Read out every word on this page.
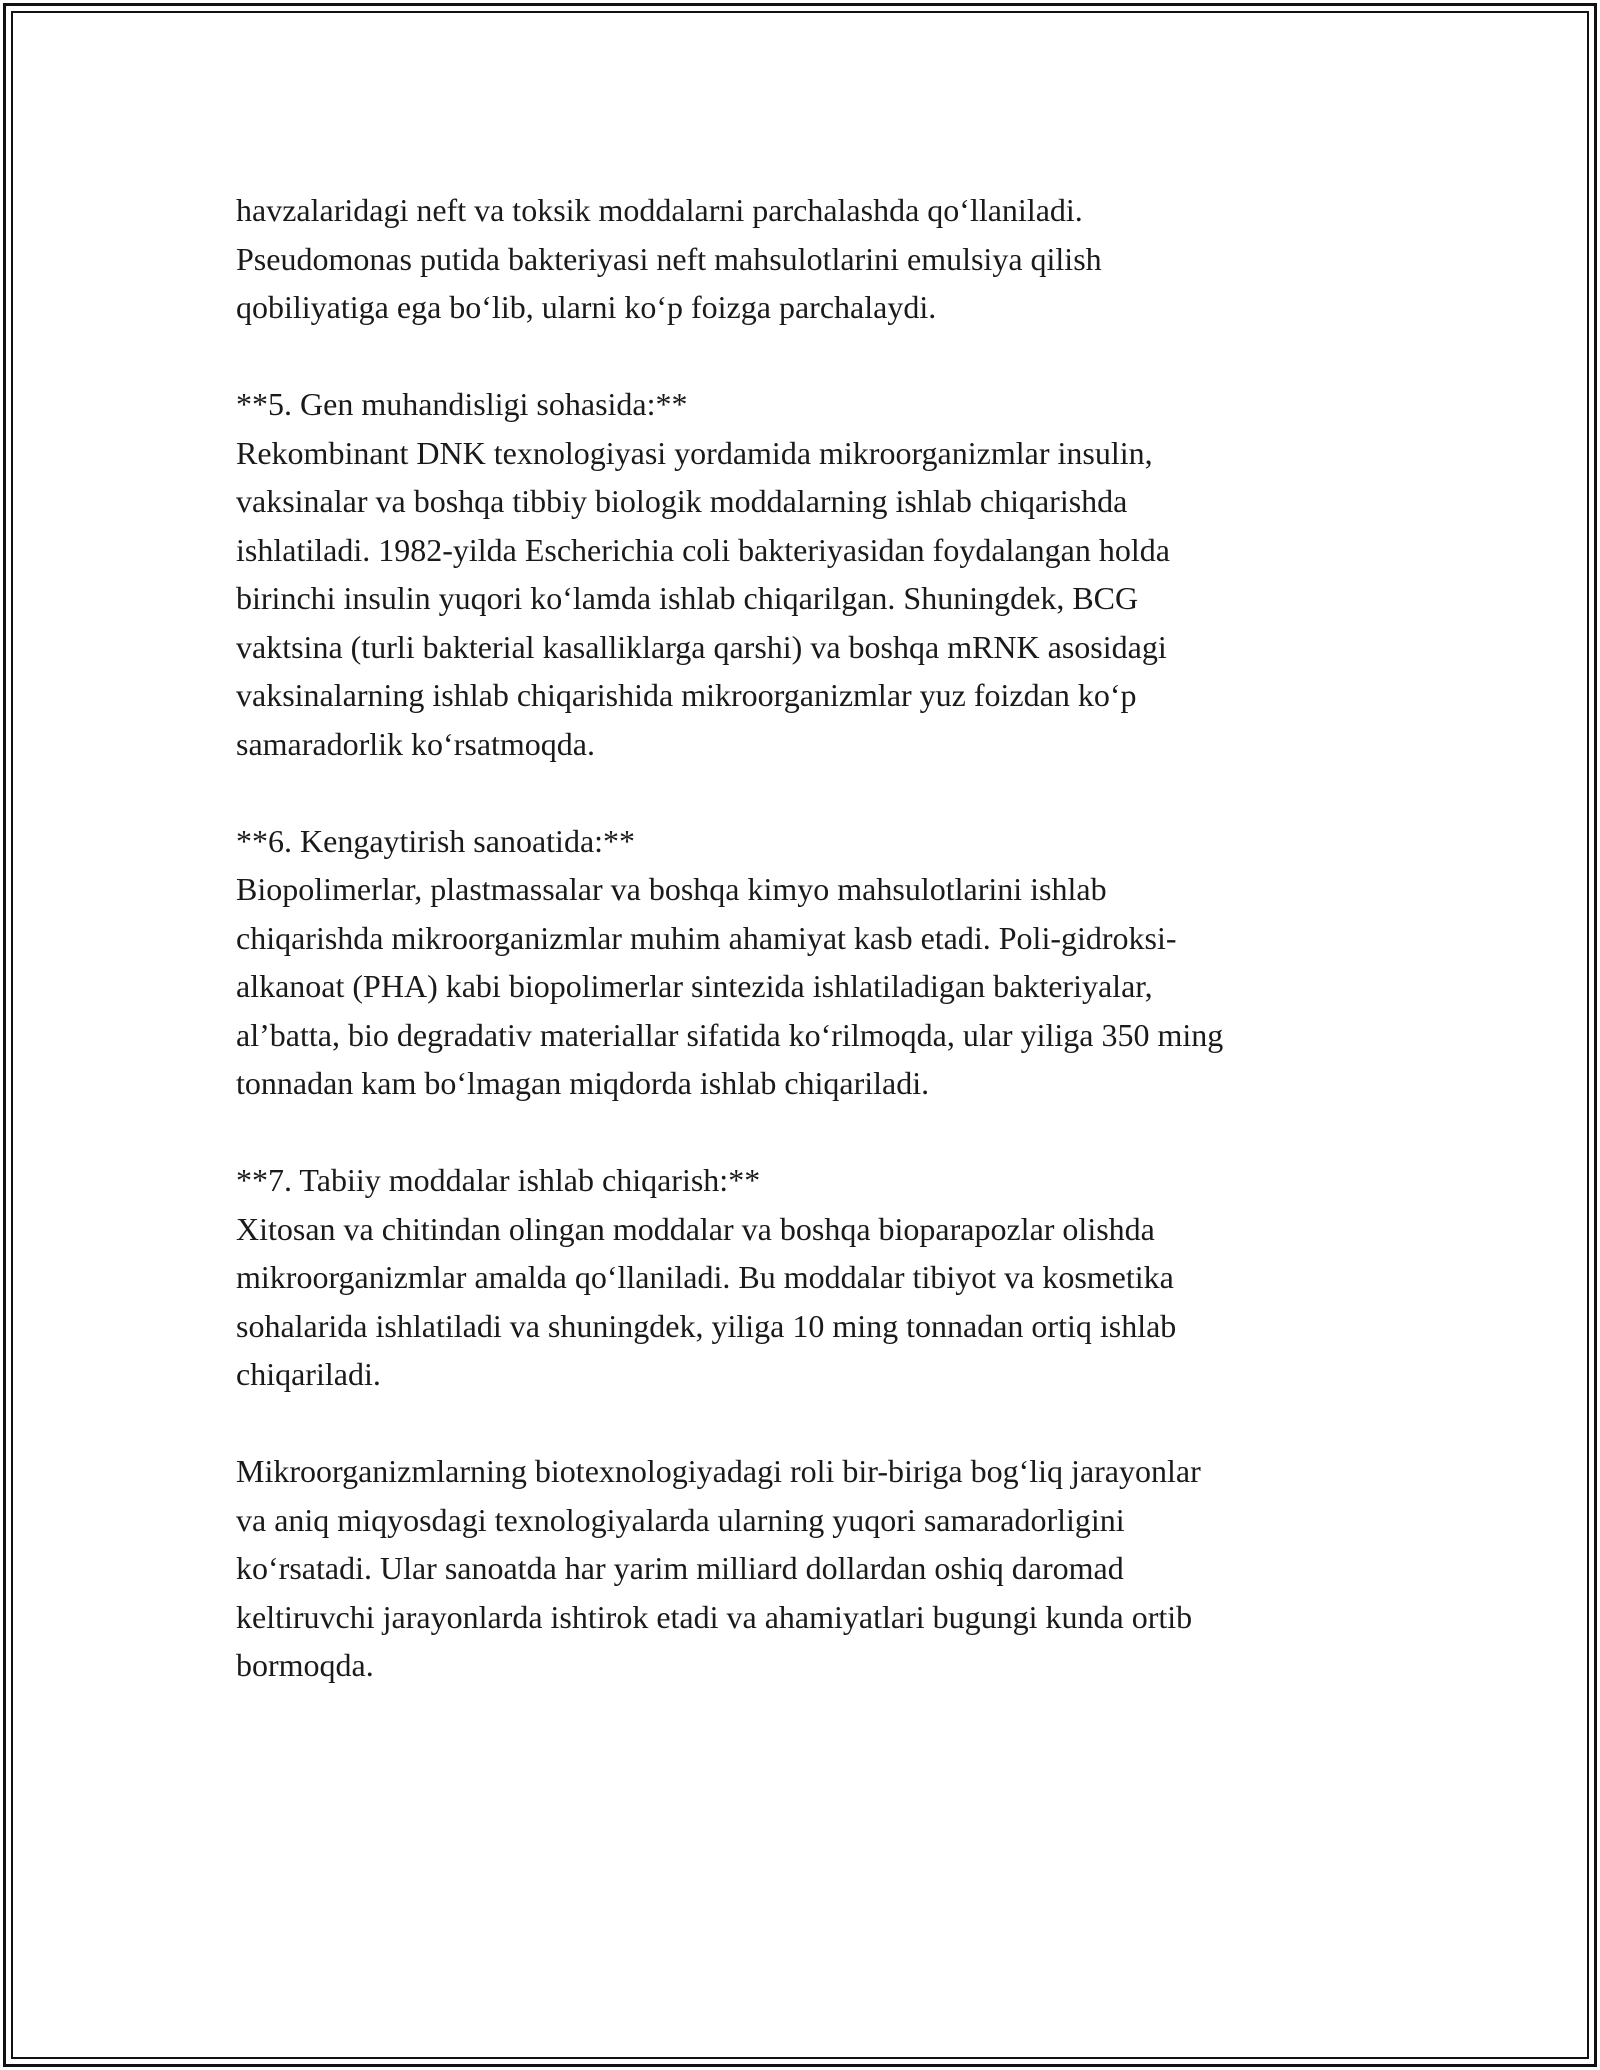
havzalaridagi neft va toksik moddalarni parchalashda qo‘llaniladi.
Pseudomonas putida bakteriyasi neft mahsulotlarini emulsiya qilish
qobiliyatiga ega bo‘lib, ularni ko‘p foizga parchalaydi.

**5. Gen muhandisligi sohasida:**
Rekombinant DNK texnologiyasi yordamida mikroorganizmlar insulin,
vaksinalar va boshqa tibbiy biologik moddalarning ishlab chiqarishda
ishlatiladi. 1982-yilda Escherichia coli bakteriyasidan foydalangan holda
birinchi insulin yuqori ko‘lamda ishlab chiqarilgan. Shuningdek, BCG
vaktsina (turli bakterial kasalliklarga qarshi) va boshqa mRNK asosidagi
vaksinalarning ishlab chiqarishida mikroorganizmlar yuz foizdan ko‘p
samaradorlik ko‘rsatmoqda.

**6. Kengaytirish sanoatida:**
Biopolimerlar, plastmassalar va boshqa kimyo mahsulotlarini ishlab
chiqarishda mikroorganizmlar muhim ahamiyat kasb etadi. Poli-gidroksi-
alkanoat (PHA) kabi biopolimerlar sintezida ishlatiladigan bakteriyalar,
al’batta, bio degradativ materiallar sifatida ko‘rilmoqda, ular yiliga 350 ming
tonnadan kam bo‘lmagan miqdorda ishlab chiqariladi.

**7. Tabiiy moddalar ishlab chiqarish:**
Xitosan va chitindan olingan moddalar va boshqa bioparapozlar olishda
mikroorganizmlar amalda qo‘llaniladi. Bu moddalar tibiyot va kosmetika
sohalarida ishlatiladi va shuningdek, yiliga 10 ming tonnadan ortiq ishlab
chiqariladi.

Mikroorganizmlarning biotexnologiyadagi roli bir-biriga bog‘liq jarayonlar
va aniq miqyosdagi texnologiyalarda ularning yuqori samaradorligini
ko‘rsatadi. Ular sanoatda har yarim milliard dollardan oshiq daromad
keltiruvchi jarayonlarda ishtirok etadi va ahamiyatlari bugungi kunda ortib
bormoqda.
